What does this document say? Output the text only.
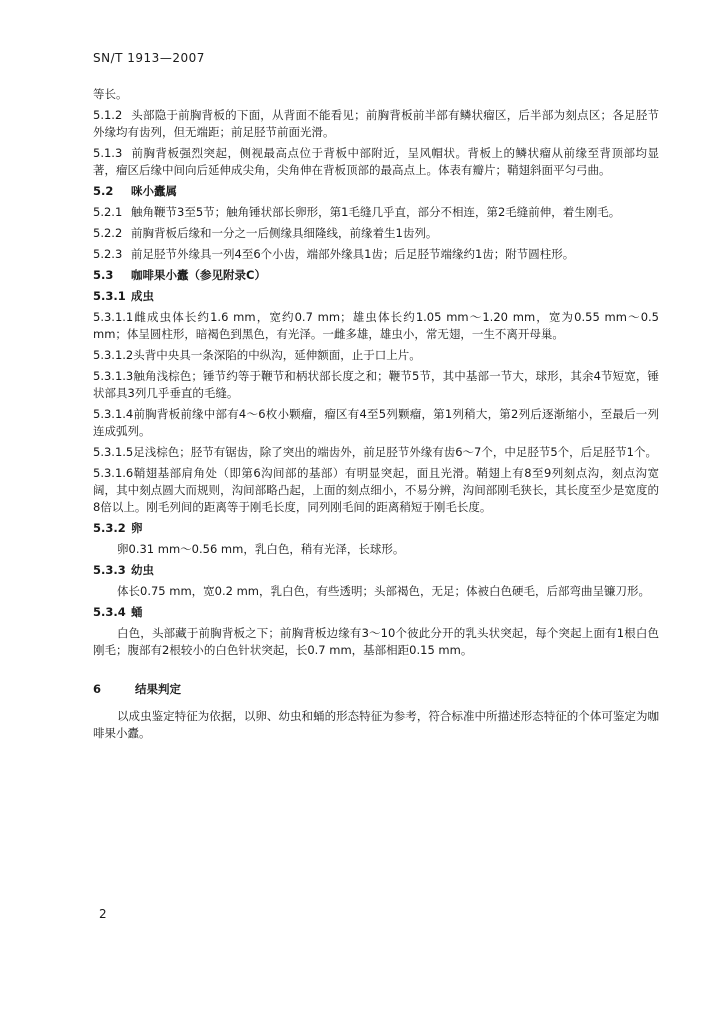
SN/T 1913—2007

等长。

5.1.2 头部隐于前胸背板的下面，从背面不能看见；前胸背板前半部有鳞状瘤区，后半部为刻点区；各足胫节外缘均有齿列，但无端距；前足胫节前面光滑。

5.1.3 前胸背板强烈突起，侧视最高点位于背板中部附近，呈风帽状。背板上的鳞状瘤从前缘至背顶部均显著，瘤区后缘中间向后延伸成尖角，尖角伸在背板顶部的最高点上。体表有瓣片；鞘翅斜面平匀弓曲。

5.2 咪小蠹属

5.2.1 触角鞭节3至5节；触角锤状部长卵形，第1毛缝几乎直，部分不相连，第2毛缝前伸，着生刚毛。

5.2.2 前胸背板后缘和一分之一后侧缘具细隆线，前缘着生1齿列。

5.2.3 前足胫节外缘具一列4至6个小齿，端部外缘具1齿；后足胫节端缘约1齿；附节圆柱形。

5.3 咖啡果小蠹（参见附录C）

5.3.1 成虫

5.3.1.1雌成虫体长约1.6 mm，宽约0.7 mm；雄虫体长约1.05 mm～1.20 mm，宽为0.55 mm～0.5 mm；体呈圆柱形，暗褐色到黑色，有光泽。一雌多雄，雄虫小，常无翅，一生不离开母巢。

5.3.1.2头背中央具一条深陷的中纵沟，延伸额面，止于口上片。

5.3.1.3触角浅棕色；锤节约等于鞭节和柄状部长度之和；鞭节5节，其中基部一节大，球形，其余4节短宽，锤状部具3列几乎垂直的毛缝。

5.3.1.4前胸背板前缘中部有4～6枚小颗瘤，瘤区有4至5列颗瘤，第1列稍大，第2列后逐渐缩小，至最后一列连成弧列。

5.3.1.5足浅棕色；胫节有锯齿，除了突出的端齿外，前足胫节外缘有齿6～7个，中足胫节5个，后足胫节1个。

5.3.1.6鞘翅基部肩角处（即第6沟间部的基部）有明显突起，面且光滑。鞘翅上有8至9列刻点沟，刻点沟宽阔，其中刻点圆大而规则，沟间部略凸起，上面的刻点细小，不易分辨，沟间部刚毛狭长，其长度至少是宽度的8倍以上。刚毛列间的距离等于刚毛长度，同列刚毛间的距离稍短于刚毛长度。

5.3.2 卵

卵0.31 mm～0.56 mm，乳白色，稍有光泽，长球形。

5.3.3 幼虫

体长0.75 mm，宽0.2 mm，乳白色，有些透明；头部褐色，无足；体被白色硬毛，后部弯曲呈镰刀形。

5.3.4 蛹

白色，头部藏于前胸背板之下；前胸背板边缘有3～10个彼此分开的乳头状突起，每个突起上面有1根白色刚毛；腹部有2根较小的白色针状突起，长0.7 mm，基部相距0.15 mm。

6	结果判定

以成虫鉴定特征为依据，以卵、幼虫和蛹的形态特征为参考，符合标准中所描述形态特征的个体可鉴定为咖啡果小蠹。

2
